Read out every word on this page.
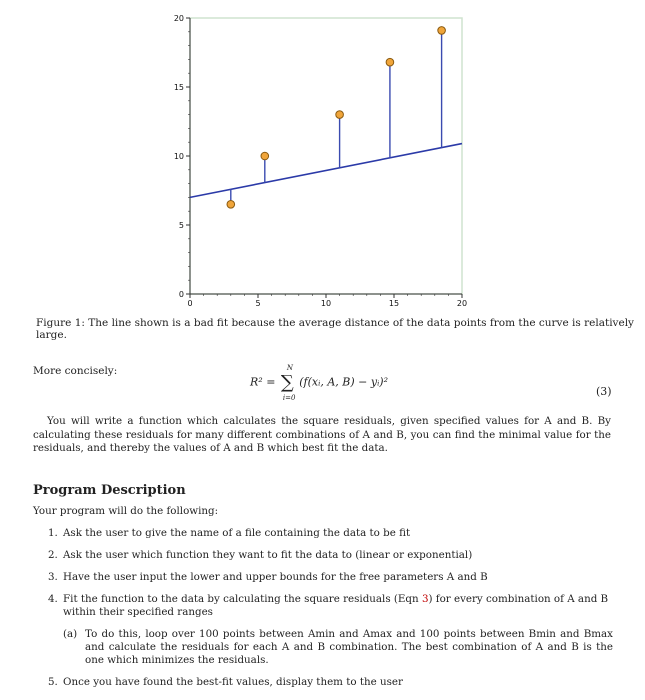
0	5	10	15	20
0
5
10
15
20
Figure 1: The line shown is a bad fit because the average distance of the data points from the curve is relatively large.
More concisely:
R² =
N
∑
i=0
(f(xᵢ, A, B) − yᵢ)²
(3)
You will write a function which calculates the square residuals, given specified values for A and B. By calculating these residuals for many different combinations of A and B, you can find the minimal value for the residuals, and thereby the values of A and B which best fit the data.
Program Description
Your program will do the following:
1. Ask the user to give the name of a file containing the data to be fit
2. Ask the user which function they want to fit the data to (linear or exponential)
3. Have the user input the lower and upper bounds for the free parameters A and B
4. Fit the function to the data by calculating the square residuals (Eqn 3) for every combination of A and B within their specified ranges
(a) To do this, loop over 100 points between Amin and Amax and 100 points between Bmin and Bmax and calculate the residuals for each A and B combination. The best combination of A and B is the one which minimizes the residuals.
5. Once you have found the best-fit values, display them to the user
